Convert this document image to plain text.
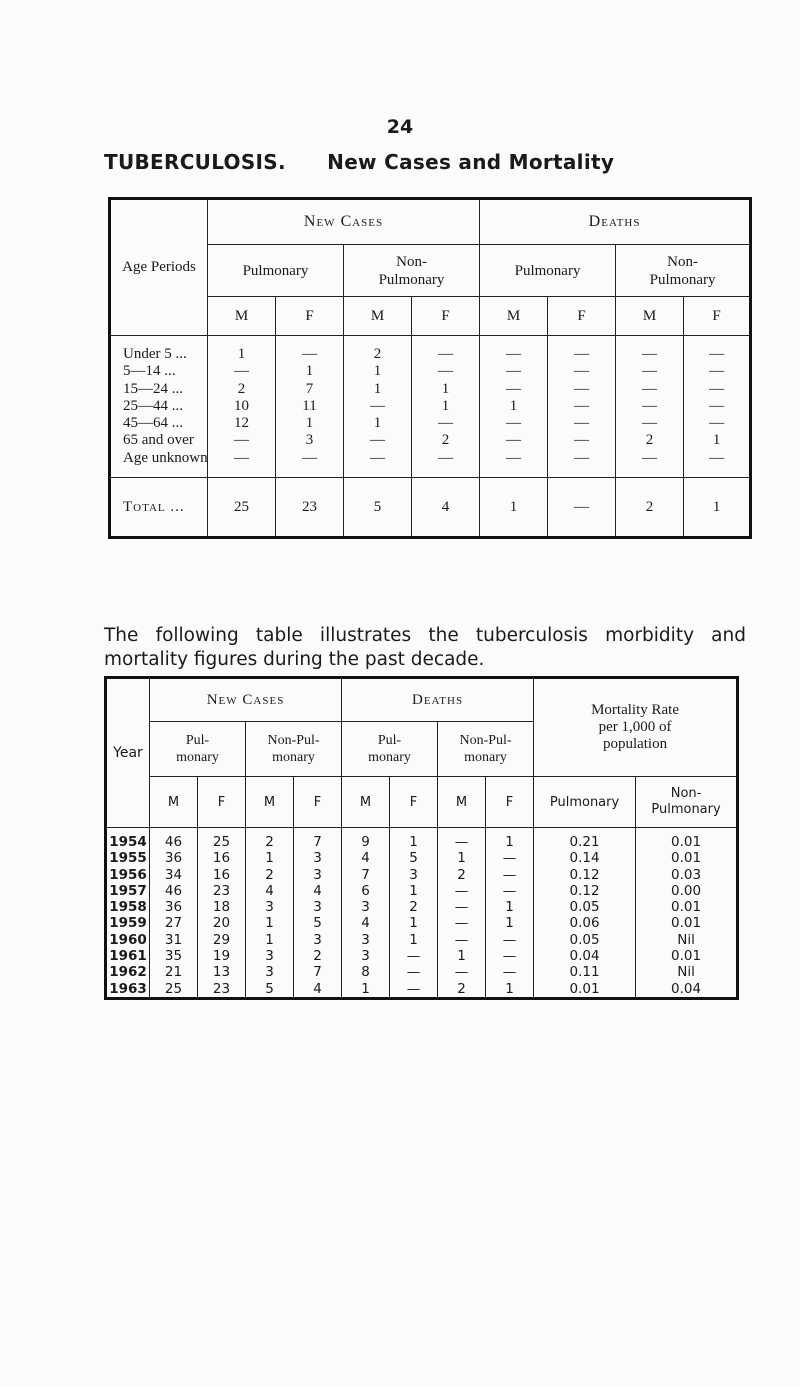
24
TUBERCULOSIS. New Cases and Mortality
Age Periods	New Cases				Deaths			
	Pulmonary		Non-
Pulmonary		Pulmonary		Non-
Pulmonary	
	M	F	M	F	M	F	M	F
Under 5 ...	1	—	2	—	—	—	—	—
5—14 ...	—	1	1	—	—	—	—	—
15—24 ...	2	7	1	1	—	—	—	—
25—44 ...	10	11	—	1	1	—	—	—
45—64 ...	12	1	1	—	—	—	—	—
65 and over	—	3	—	2	—	—	2	1
Age unknown	—	—	—	—	—	—	—	—
Total ...	25	23	5	4	1	—	2	1

The following table illustrates the tuberculosis morbidity and mortality figures during the past decade.

Year	New Cases				Deaths				Mortality Rate
per 1,000 of
population	
	Pul-
monary		Non-Pul-
monary		Pul-
monary		Non-Pul-
monary			
	M	F	M	F	M	F	M	F	Pulmonary	Non-
Pulmonary
1954	46	25	2	7	9	1	—	1	0.21	0.01
1955	36	16	1	3	4	5	1	—	0.14	0.01
1956	34	16	2	3	7	3	2	—	0.12	0.03
1957	46	23	4	4	6	1	—	—	0.12	0.00
1958	36	18	3	3	3	2	—	1	0.05	0.01
1959	27	20	1	5	4	1	—	1	0.06	0.01
1960	31	29	1	3	3	1	—	—	0.05	Nil
1961	35	19	3	2	3	—	1	—	0.04	0.01
1962	21	13	3	7	8	—	—	—	0.11	Nil
1963	25	23	5	4	1	—	2	1	0.01	0.04
